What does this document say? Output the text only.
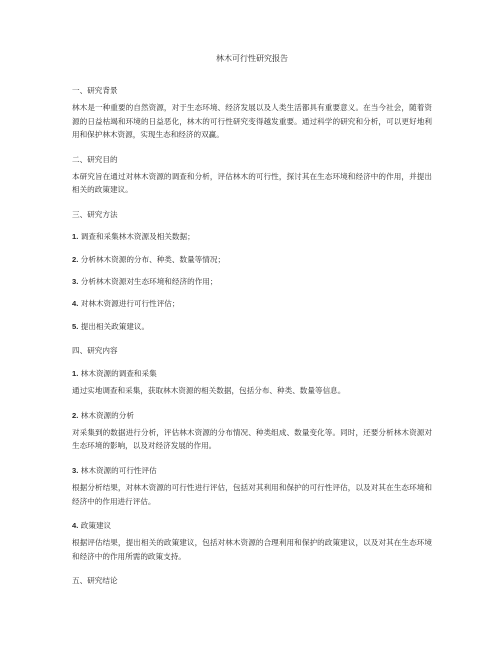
林木可行性研究报告
一、研究背景
林木是一种重要的自然资源，对于生态环境、经济发展以及人类生活都具有重要意义。在当今社会，随着资源的日益枯竭和环境的日益恶化，林木的可行性研究变得越发重要。通过科学的研究和分析，可以更好地利用和保护林木资源，实现生态和经济的双赢。
二、研究目的
本研究旨在通过对林木资源的调查和分析，评估林木的可行性，探讨其在生态环境和经济中的作用，并提出相关的政策建议。
三、研究方法
1. 调查和采集林木资源及相关数据；
2. 分析林木资源的分布、种类、数量等情况；
3. 分析林木资源对生态环境和经济的作用；
4. 对林木资源进行可行性评估；
5. 提出相关政策建议。
四、研究内容
1. 林木资源的调查和采集
通过实地调查和采集，获取林木资源的相关数据，包括分布、种类、数量等信息。
2. 林木资源的分析
对采集到的数据进行分析，评估林木资源的分布情况、种类组成、数量变化等。同时，还要分析林木资源对生态环境的影响，以及对经济发展的作用。
3. 林木资源的可行性评估
根据分析结果，对林木资源的可行性进行评估，包括对其利用和保护的可行性评估，以及对其在生态环境和经济中的作用进行评估。
4. 政策建议
根据评估结果，提出相关的政策建议，包括对林木资源的合理利用和保护的政策建议，以及对其在生态环境和经济中的作用所需的政策支持。
五、研究结论
